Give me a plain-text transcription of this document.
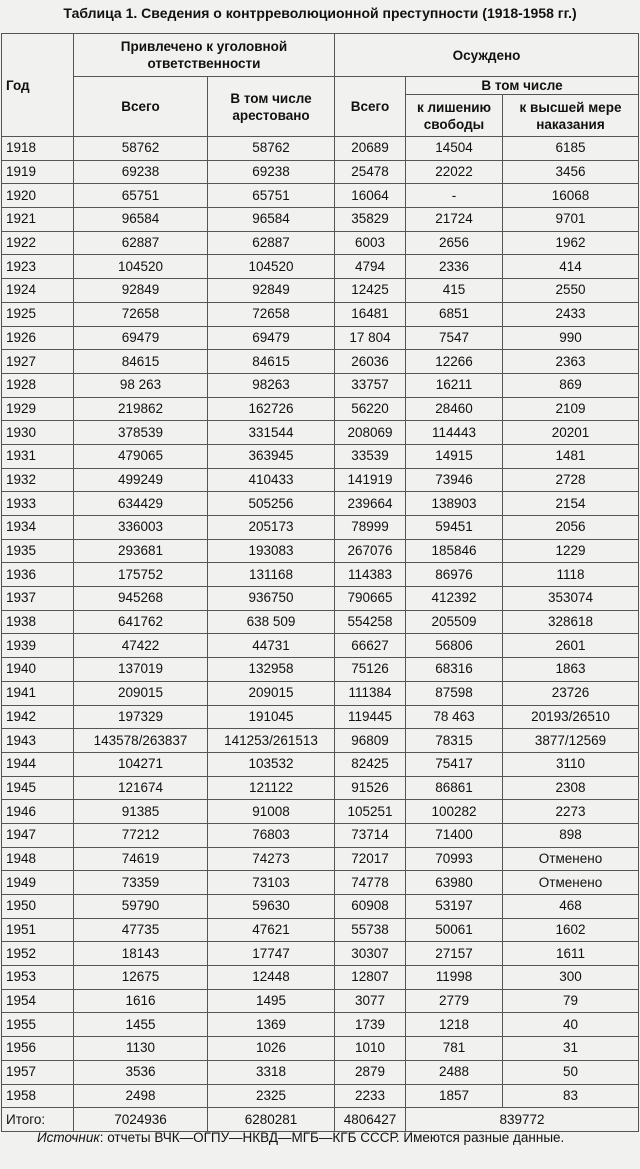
Таблица 1. Сведения о контрреволюционной преступности (1918-1958 гг.)
Год	Привлечено к уголовной ответственности		Осуждено		
	Всего	В том числе арестовано	Всего	В том числе	
				к лишению свободы	к высшей мере наказания
1918	58762	58762	20689	14504	6185
1919	69238	69238	25478	22022	3456
1920	65751	65751	16064	-	16068
1921	96584	96584	35829	21724	9701
1922	62887	62887	6003	2656	1962
1923	104520	104520	4794	2336	414
1924	92849	92849	12425	415	2550
1925	72658	72658	16481	6851	2433
1926	69479	69479	17 804	7547	990
1927	84615	84615	26036	12266	2363
1928	98 263	98263	33757	16211	869
1929	219862	162726	56220	28460	2109
1930	378539	331544	208069	114443	20201
1931	479065	363945	33539	14915	1481
1932	499249	410433	141919	73946	2728
1933	634429	505256	239664	138903	2154
1934	336003	205173	78999	59451	2056
1935	293681	193083	267076	185846	1229
1936	175752	131168	114383	86976	1118
1937	945268	936750	790665	412392	353074
1938	641762	638 509	554258	205509	328618
1939	47422	44731	66627	56806	2601
1940	137019	132958	75126	68316	1863
1941	209015	209015	111384	87598	23726
1942	197329	191045	119445	78 463	20193/26510
1943	143578/263837	141253/261513	96809	78315	3877/12569
1944	104271	103532	82425	75417	3110
1945	121674	121122	91526	86861	2308
1946	91385	91008	105251	100282	2273
1947	77212	76803	73714	71400	898
1948	74619	74273	72017	70993	Отменено
1949	73359	73103	74778	63980	Отменено
1950	59790	59630	60908	53197	468
1951	47735	47621	55738	50061	1602
1952	18143	17747	30307	27157	1611
1953	12675	12448	12807	11998	300
1954	1616	1495	3077	2779	79
1955	1455	1369	1739	1218	40
1956	1130	1026	1010	781	31
1957	3536	3318	2879	2488	50
1958	2498	2325	2233	1857	83
Итого:	7024936	6280281	4806427	839772	
Источник: отчеты ВЧК—ОГПУ—НКВД—МГБ—КГБ СССР. Имеются разные данные.
